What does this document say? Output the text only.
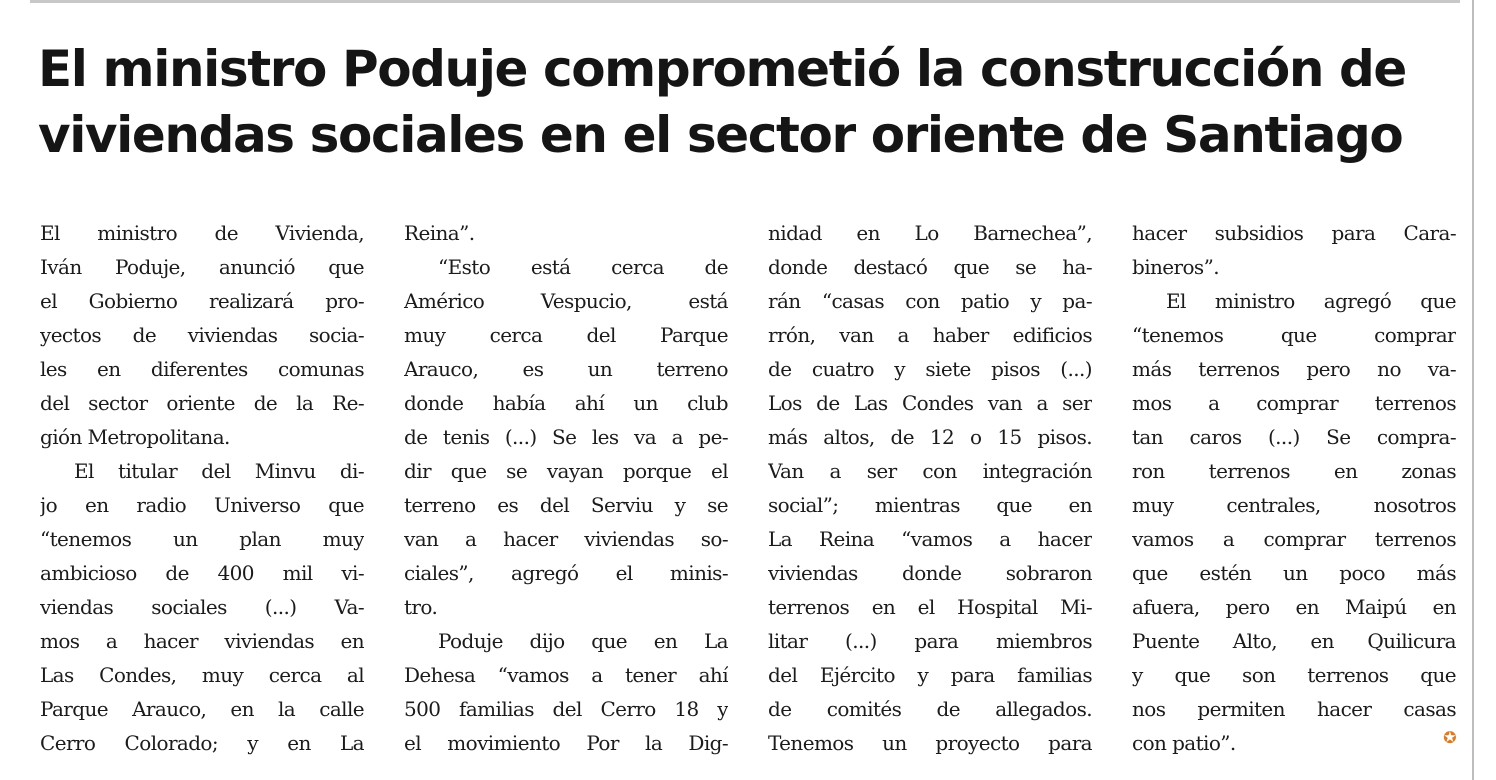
El ministro Poduje comprometió la construcción de
viviendas sociales en el sector oriente de Santiago
El ministro de Vivienda,
Iván Poduje, anunció que
el Gobierno realizará pro-
yectos de viviendas socia-
les en diferentes comunas
del sector oriente de la Re-
gión Metropolitana.
El titular del Minvu di-
jo en radio Universo que
“tenemos un plan muy
ambicioso de 400 mil vi-
viendas sociales (...) Va-
mos a hacer viviendas en
Las Condes, muy cerca al
Parque Arauco, en la calle
Cerro Colorado; y en La
Reina”.
“Esto está cerca de
Américo Vespucio, está
muy cerca del Parque
Arauco, es un terreno
donde había ahí un club
de tenis (...) Se les va a pe-
dir que se vayan porque el
terreno es del Serviu y se
van a hacer viviendas so-
ciales”, agregó el minis-
tro.
Poduje dijo que en La
Dehesa “vamos a tener ahí
500 familias del Cerro 18 y
el movimiento Por la Dig-
nidad en Lo Barnechea”,
donde destacó que se ha-
rán “casas con patio y pa-
rrón, van a haber edificios
de cuatro y siete pisos (...)
Los de Las Condes van a ser
más altos, de 12 o 15 pisos.
Van a ser con integración
social”; mientras que en
La Reina “vamos a hacer
viviendas donde sobraron
terrenos en el Hospital Mi-
litar (...) para miembros
del Ejército y para familias
de comités de allegados.
Tenemos un proyecto para
hacer subsidios para Cara-
bineros”.
El ministro agregó que
“tenemos que comprar
más terrenos pero no va-
mos a comprar terrenos
tan caros (...) Se compra-
ron terrenos en zonas
muy centrales, nosotros
vamos a comprar terrenos
que estén un poco más
afuera, pero en Maipú en
Puente Alto, en Quilicura
y que son terrenos que
nos permiten hacer casas
con patio”.	✪
